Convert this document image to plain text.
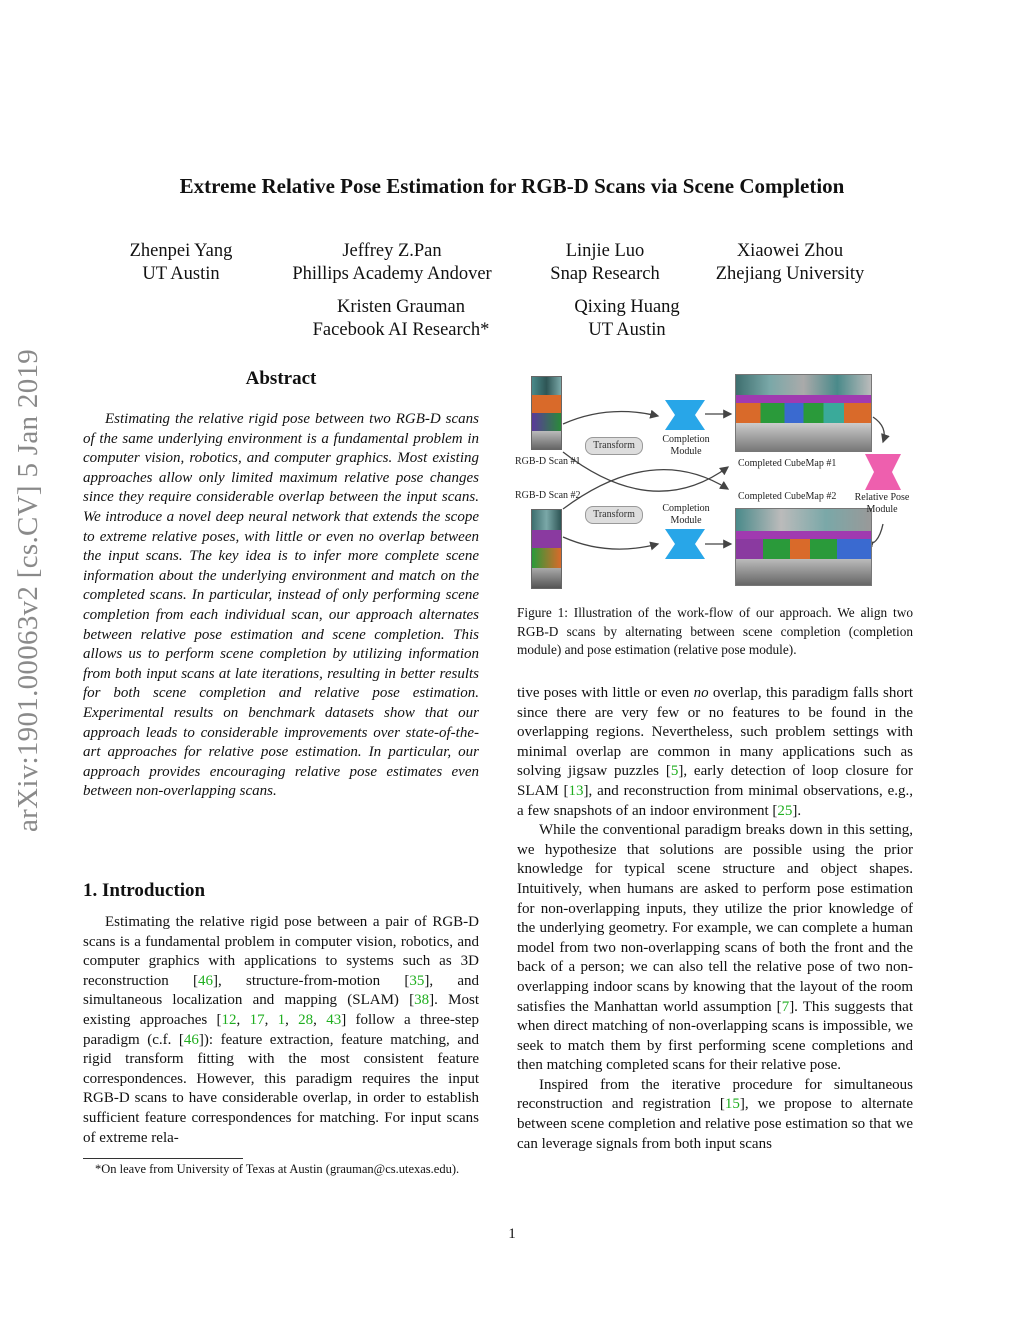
Extreme Relative Pose Estimation for RGB-D Scans via Scene Completion
Zhenpei Yang
UT Austin
Jeffrey Z.Pan
Phillips Academy Andover
Linjie Luo
Snap Research
Xiaowei Zhou
Zhejiang University
Kristen Grauman
Facebook AI Research*
Qixing Huang
UT Austin
arXiv:1901.00063v2 [cs.CV] 5 Jan 2019	Abstract
Estimating the relative rigid pose between two RGB-D scans of the same underlying environment is a fundamental problem in computer vision, robotics, and computer graphics. Most existing approaches allow only limited maximum relative pose changes since they require considerable overlap between the input scans. We introduce a novel deep neural network that extends the scope to extreme relative poses, with little or even no overlap between the input scans. The key idea is to infer more complete scene information about the underlying environment and match on the completed scans. In particular, instead of only performing scene completion from each individual scan, our approach alternates between relative pose estimation and scene completion. This allows us to perform scene completion by utilizing information from both input scans at late iterations, resulting in better results for both scene completion and relative pose estimation. Experimental results on benchmark datasets show that our approach leads to considerable improvements over state-of-the-art approaches for relative pose estimation. In particular, our approach provides encouraging relative pose estimates even between non-overlapping scans.
1. Introduction
Estimating the relative rigid pose between a pair of RGB-D scans is a fundamental problem in computer vision, robotics, and computer graphics with applications to systems such as 3D reconstruction [46], structure-from-motion [35], and simultaneous localization and mapping (SLAM) [38]. Most existing approaches [12, 17, 1, 28, 43] follow a three-step paradigm (c.f. [46]): feature extraction, feature matching, and rigid transform fitting with the most consistent feature correspondences. However, this paradigm requires the input RGB-D scans to have considerable overlap, in order to establish sufficient feature correspondences for matching. For input scans of extreme rela-
*On leave from University of Texas at Austin (grauman@cs.utexas.edu).
RGB-D Scan #1
RGB-D Scan #2
Transform
Transform
Completion
Module
Completion
Module
Completed CubeMap #1
Completed CubeMap #2	Relative Pose
Module
Figure 1: Illustration of the work-flow of our approach. We align two RGB-D scans by alternating between scene completion (completion module) and pose estimation (relative pose module).

tive poses with little or even no overlap, this paradigm falls short since there are very few or no features to be found in the overlapping regions. Nevertheless, such problem settings with minimal overlap are common in many applications such as solving jigsaw puzzles [5], early detection of loop closure for SLAM [13], and reconstruction from minimal observations, e.g., a few snapshots of an indoor environment [25].

While the conventional paradigm breaks down in this setting, we hypothesize that solutions are possible using the prior knowledge for typical scene structure and object shapes. Intuitively, when humans are asked to perform pose estimation for non-overlapping inputs, they utilize the prior knowledge of the underlying geometry. For example, we can complete a human model from two non-overlapping scans of both the front and the back of a person; we can also tell the relative pose of two non-overlapping indoor scans by knowing that the layout of the room satisfies the Manhattan world assumption [7]. This suggests that when direct matching of non-overlapping scans is impossible, we seek to match them by first performing scene completions and then matching completed scans for their relative pose.

Inspired from the iterative procedure for simultaneous reconstruction and registration [15], we propose to alternate between scene completion and relative pose estimation so that we can leverage signals from both input scans

1
